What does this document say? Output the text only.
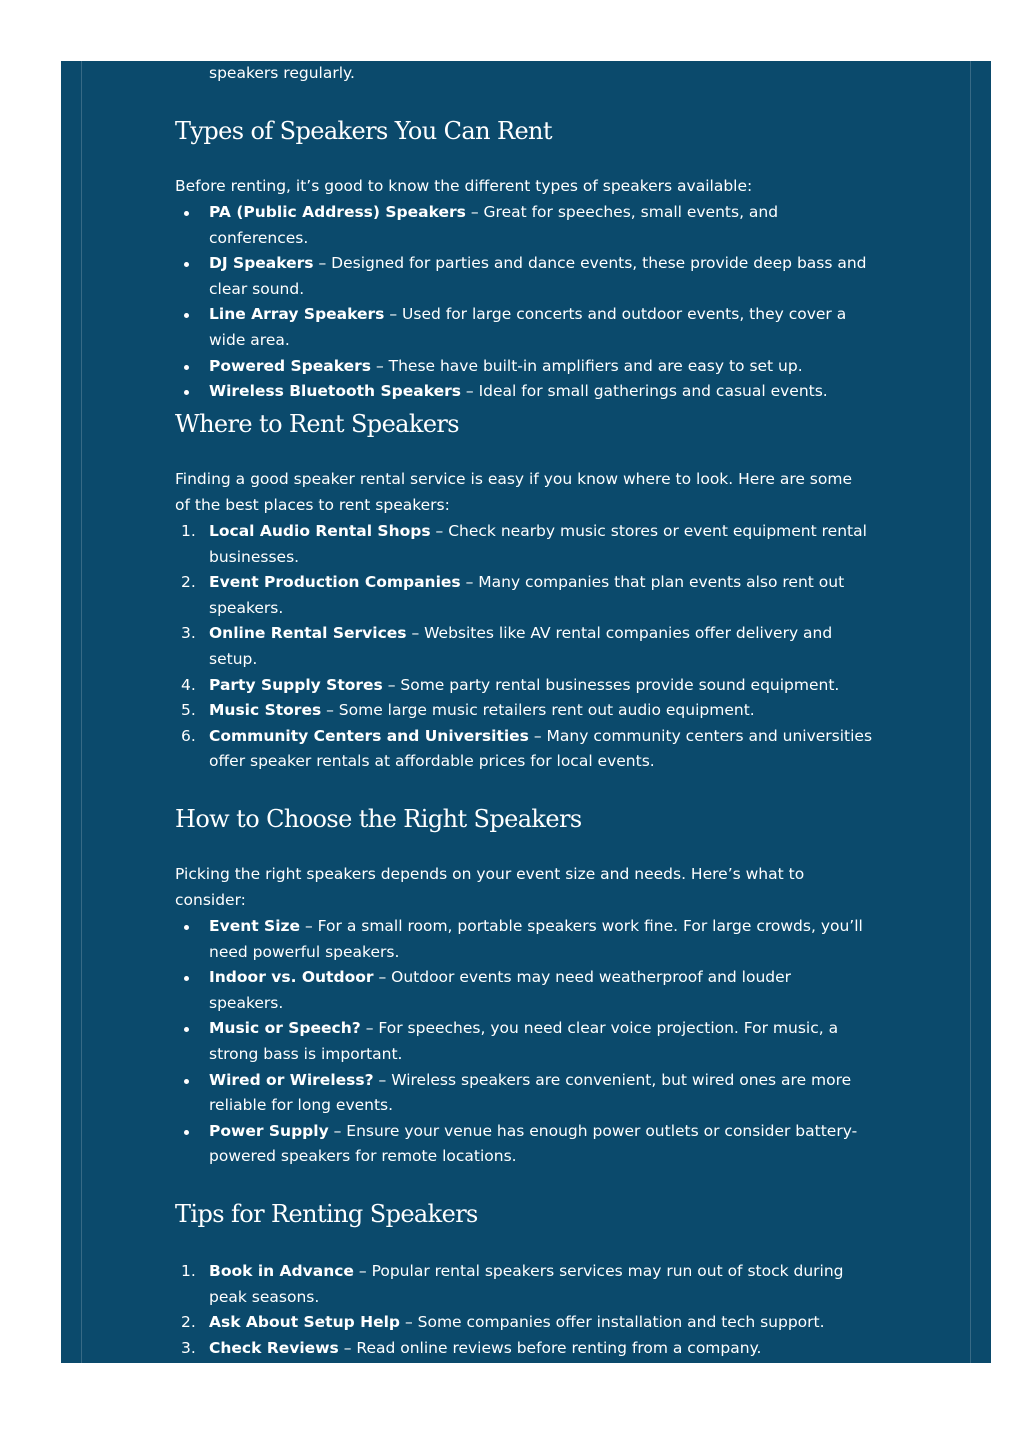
speakers regularly.

Types of Speakers You Can Rent

Before renting, it’s good to know the different types of speakers available:

PA (Public Address) Speakers – Great for speeches, small events, and conferences.
DJ Speakers – Designed for parties and dance events, these provide deep bass and
clear sound.
Line Array Speakers – Used for large concerts and outdoor events, they cover a
wide area.
Powered Speakers – These have built-in amplifiers and are easy to set up.
Wireless Bluetooth Speakers – Ideal for small gatherings and casual events.
Where to Rent Speakers

Finding a good speaker rental service is easy if you know where to look. Here are some

of the best places to rent speakers:

1. Local Audio Rental Shops – Check nearby music stores or event equipment rental
businesses.
2. Event Production Companies – Many companies that plan events also rent out
speakers.
3. Online Rental Services – Websites like AV rental companies offer delivery and
setup.
4. Party Supply Stores – Some party rental businesses provide sound equipment.
5. Music Stores – Some large music retailers rent out audio equipment.
6. Community Centers and Universities – Many community centers and universities
offer speaker rentals at affordable prices for local events.
How to Choose the Right Speakers

Picking the right speakers depends on your event size and needs. Here’s what to

consider:

Event Size – For a small room, portable speakers work fine. For large crowds, you’ll
need powerful speakers.
Indoor vs. Outdoor – Outdoor events may need weatherproof and louder
speakers.
Music or Speech? – For speeches, you need clear voice projection. For music, a
strong bass is important.
Wired or Wireless? – Wireless speakers are convenient, but wired ones are more
reliable for long events.
Power Supply – Ensure your venue has enough power outlets or consider battery-
powered speakers for remote locations.
Tips for Renting Speakers
1. Book in Advance – Popular rental speakers services may run out of stock during
peak seasons.
2. Ask About Setup Help – Some companies offer installation and tech support.
3. Check Reviews – Read online reviews before renting from a company.
